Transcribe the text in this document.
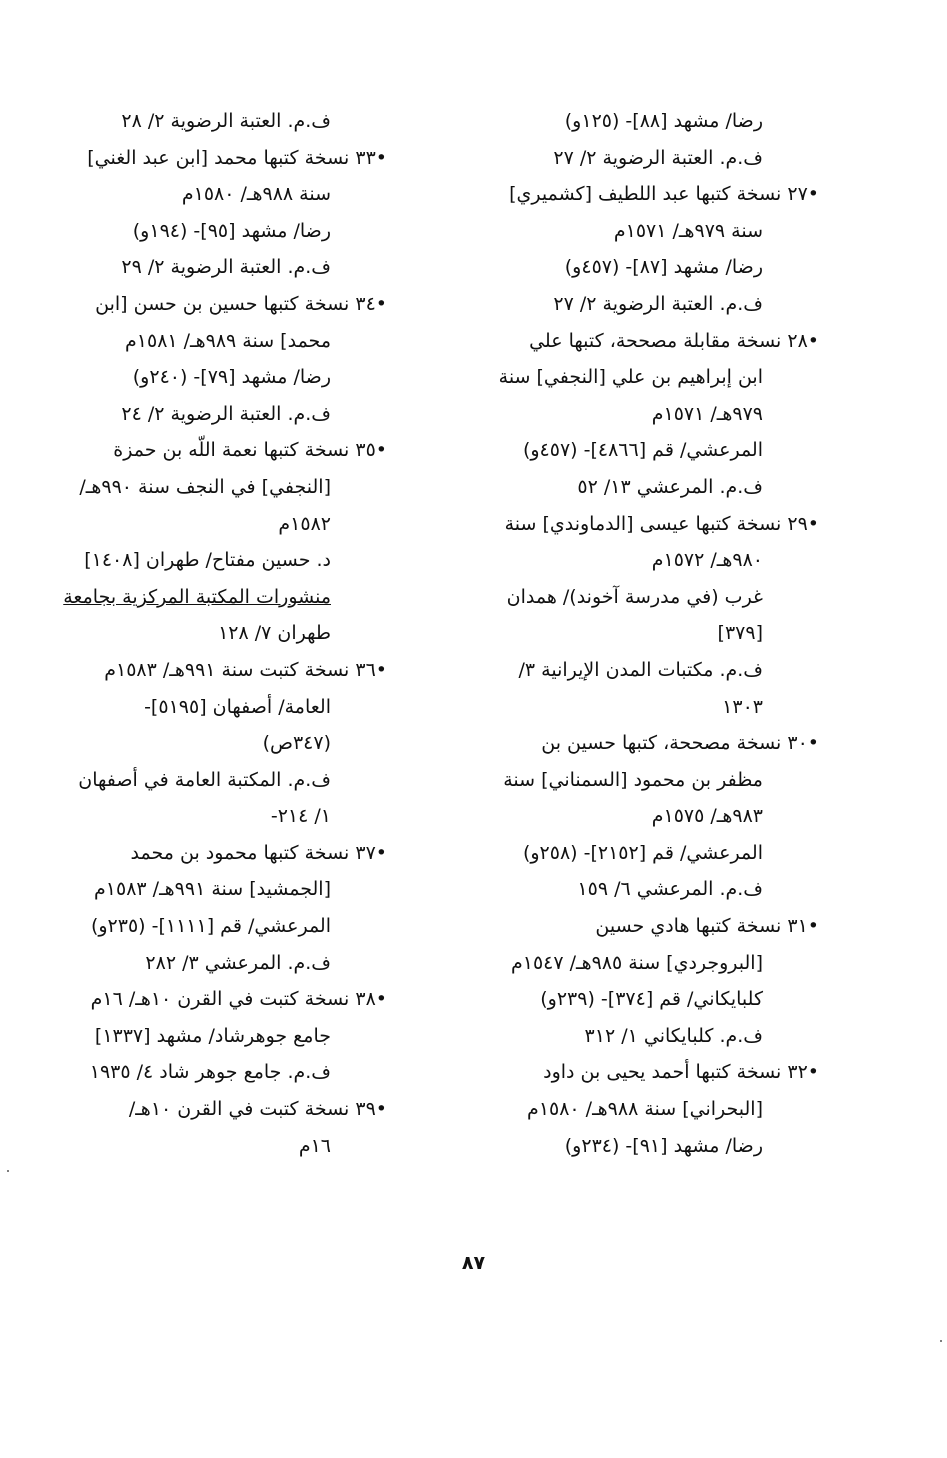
رضا/ مشهد [٨٨]- (١٢٥و)
ف.م. العتبة الرضوية ٢/ ٢٧
•٢٧ نسخة كتبها عبد اللطيف [كشميري]
سنة ٩٧٩هـ/ ١٥٧١م
رضا/ مشهد [٨٧]- (٤٥٧و)
ف.م. العتبة الرضوية ٢/ ٢٧
•٢٨ نسخة مقابلة مصححة، كتبها علي
ابن إبراهيم بن علي [النجفي] سنة
٩٧٩هـ/ ١٥٧١م
المرعشي/ قم [٤٨٦٦]- (٤٥٧و)
ف.م. المرعشي ١٣/ ٥٢
•٢٩ نسخة كتبها عيسى [الدماوندي] سنة
٩٨٠هـ/ ١٥٧٢م
غرب (في مدرسة آخوند)/ همدان
[٣٧٩]
ف.م. مكتبات المدن الإيرانية ٣/
١٣٠٣
•٣٠ نسخة مصححة، كتبها حسين بن
مظفر بن محمود [السمناني] سنة
٩٨٣هـ/ ١٥٧٥م
المرعشي/ قم [٢١٥٢]- (٢٥٨و)
ف.م. المرعشي ٦/ ١٥٩
•٣١ نسخة كتبها هادي حسين
[البروجردي] سنة ٩٨٥هـ/ ١٥٤٧م
كلبايكاني/ قم [٣٧٤]- (٢٣٩و)
ف.م. كلبايكاني ١/ ٣١٢
•٣٢ نسخة كتبها أحمد يحيى بن داود
[البحراني] سنة ٩٨٨هـ/ ١٥٨٠م
رضا/ مشهد [٩١]- (٢٣٤و)
ف.م. العتبة الرضوية ٢/ ٢٨
•٣٣ نسخة كتبها محمد [ابن عبد الغني]
سنة ٩٨٨هـ/ ١٥٨٠م
رضا/ مشهد [٩٥]- (١٩٤و)
ف.م. العتبة الرضوية ٢/ ٢٩
•٣٤ نسخة كتبها حسين بن حسن [ابن
محمد] سنة ٩٨٩هـ/ ١٥٨١م
رضا/ مشهد [٧٩]- (٢٤٠و)
ف.م. العتبة الرضوية ٢/ ٢٤
•٣٥ نسخة كتبها نعمة اللّه بن حمزة
[النجفي] في النجف سنة ٩٩٠هـ/
١٥٨٢م
د. حسين مفتاح/ طهران [١٤٠٨]
منشورات المكتبة المركزية بجامعة
طهران ٧/ ١٢٨
•٣٦ نسخة كتبت سنة ٩٩١هـ/ ١٥٨٣م
العامة/ أصفهان [٥١٩٥]-
(٣٤٧ص)
ف.م. المكتبة العامة في أصفهان
١/ ٢١٤-
•٣٧ نسخة كتبها محمود بن محمد
[الجمشيد] سنة ٩٩١هـ/ ١٥٨٣م
المرعشي/ قم [١١١١]- (٢٣٥و)
ف.م. المرعشي ٣/ ٢٨٢
•٣٨ نسخة كتبت في القرن ١٠هـ/ ١٦م
جامع جوهرشاد/ مشهد [١٣٣٧]
ف.م. جامع جوهر شاد ٤/ ١٩٣٥
•٣٩ نسخة كتبت في القرن ١٠هـ/
١٦م
٨٧
